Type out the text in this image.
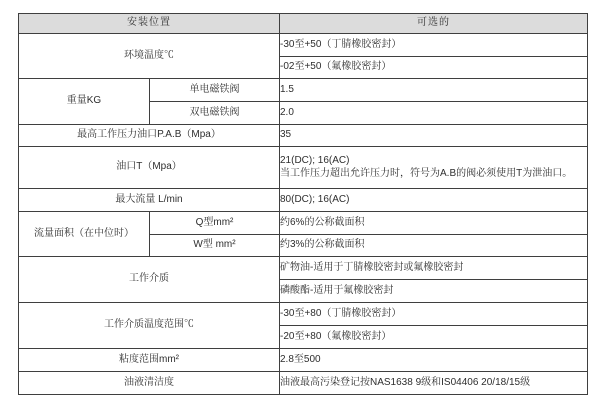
安装位置		可选的
环境温度℃		-30至+50（丁腈橡胶密封）
		-02至+50（氟橡胶密封）
重量KG	单电磁铁阀	1.5
	双电磁铁阀	2.0
最高工作压力油口P.A.B（Mpa）		35
油口T（Mpa）		21(DC); 16(AC)
当工作压力超出允许压力时，符号为A.B的阀必须使用T为泄油口。

最大流量 L/min		80(DC); 16(AC)
流量面积（在中位时）	Q型mm²	约6%的公称截面积
	W型 mm²	约3%的公称截面积
工作介质		矿物油-适用于丁腈橡胶密封或氟橡胶密封
		磷酸酯-适用于氟橡胶密封
工作介质温度范围℃		-30至+80（丁腈橡胶密封）
		-20至+80（氟橡胶密封）
粘度范围mm²		2.8至500
油液清洁度		油液最高污染登记按NAS1638 9级和IS04406 20/18/15级
